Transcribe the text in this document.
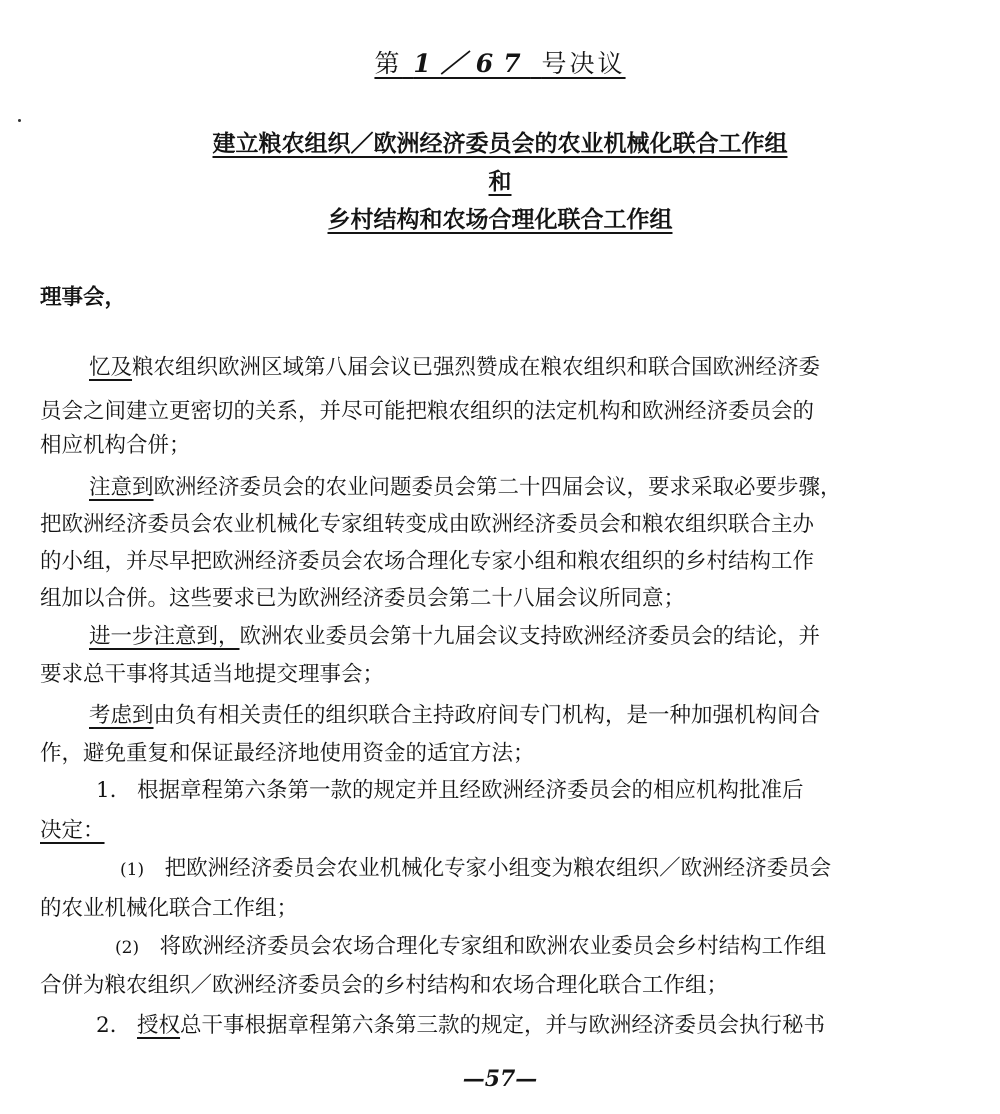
第 1／67 号决议
建立粮农组织／欧洲经济委员会的农业机械化联合工作组
和
乡村结构和农场合理化联合工作组
理事会，
忆及粮农组织欧洲区域第八届会议已强烈赞成在粮农组织和联合国欧洲经济委
员会之间建立更密切的关系，并尽可能把粮农组织的法定机构和欧洲经济委员会的
相应机构合併；
注意到欧洲经济委员会的农业问题委员会第二十四届会议，要求采取必要步骤，
把欧洲经济委员会农业机械化专家组转变成由欧洲经济委员会和粮农组织联合主办
的小组，并尽早把欧洲经济委员会农场合理化专家小组和粮农组织的乡村结构工作
组加以合併。这些要求已为欧洲经济委员会第二十八届会议所同意；
进一步注意到，欧洲农业委员会第十九届会议支持欧洲经济委员会的结论，并
要求总干事将其适当地提交理事会；
考虑到由负有相关责任的组织联合主持政府间专门机构，是一种加强机构间合
作，避免重复和保证最经济地使用资金的适宜方法；
1. 根据章程第六条第一款的规定并且经欧洲经济委员会的相应机构批准后
决定：
(1) 把欧洲经济委员会农业机械化专家小组变为粮农组织／欧洲经济委员会
的农业机械化联合工作组；
(2) 将欧洲经济委员会农场合理化专家组和欧洲农业委员会乡村结构工作组
合併为粮农组织／欧洲经济委员会的乡村结构和农场合理化联合工作组；
2. 授权总干事根据章程第六条第三款的规定，并与欧洲经济委员会执行秘书
—57—
